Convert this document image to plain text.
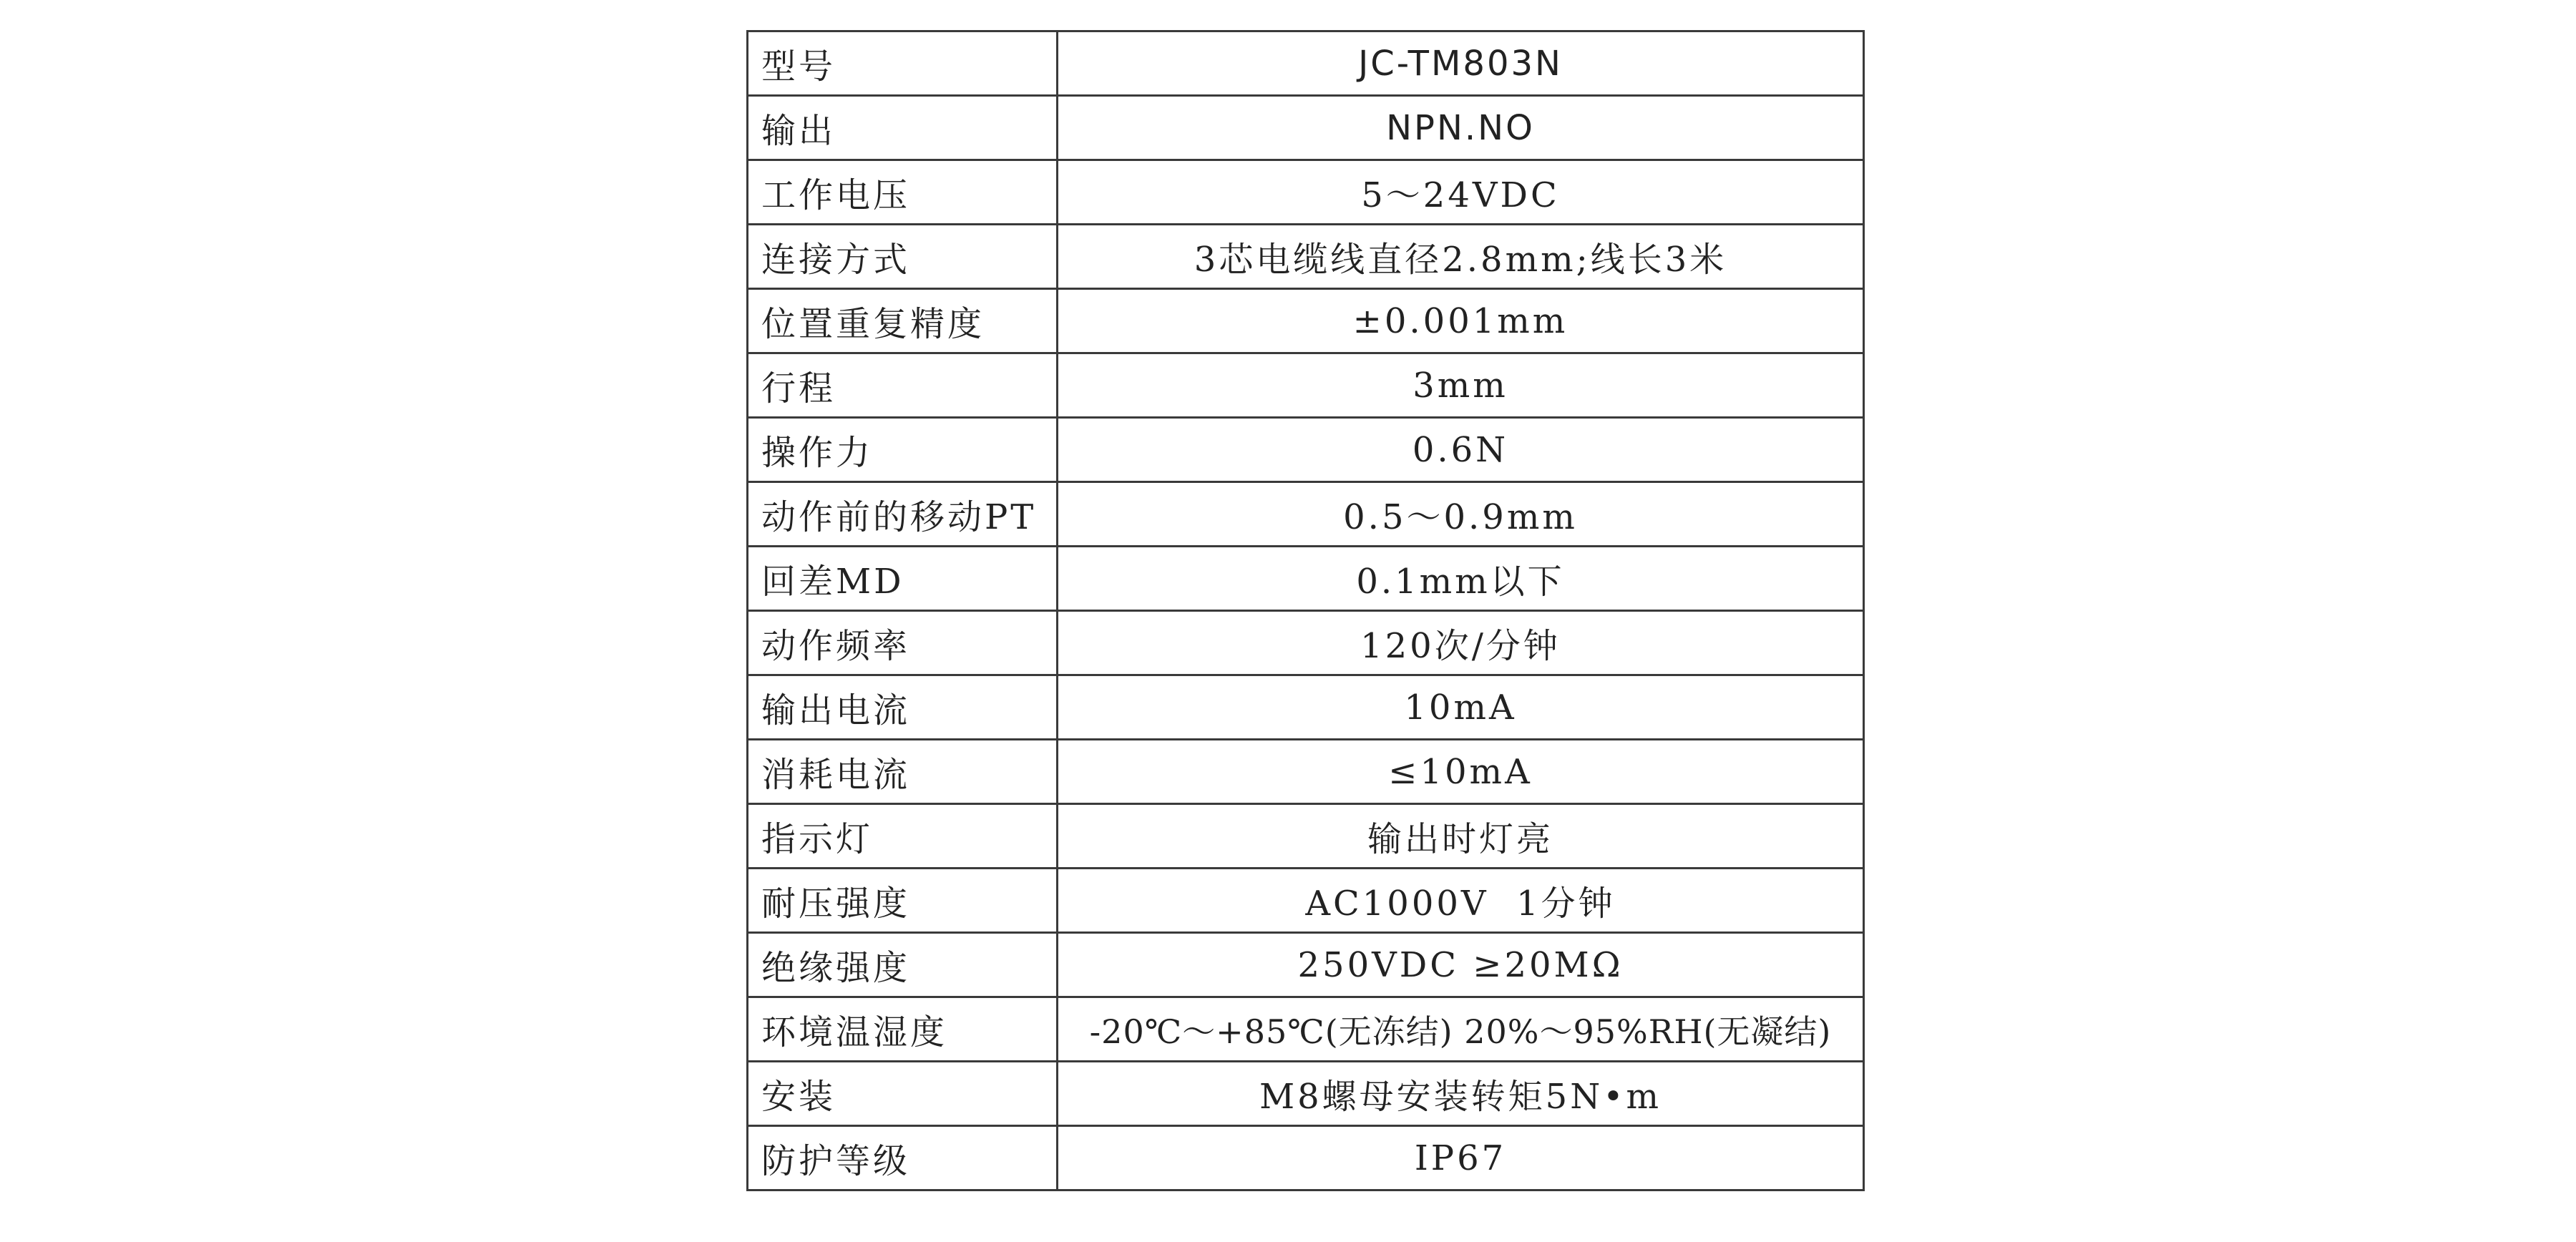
型号	JC-TM803N
输出	NPN.NO
工作电压	5～24VDC
连接方式	3芯电缆线直径2.8mm;线长3米
位置重复精度	±0.001mm
行程	3mm
操作力	0.6N
动作前的移动PT	0.5～0.9mm
回差MD	0.1mm以下
动作频率	120次/分钟
输出电流	10mA
消耗电流	≤10mA
指示灯	输出时灯亮
耐压强度	AC1000V  1分钟
绝缘强度	250VDC ≥20MΩ
环境温湿度	-20℃～+85℃(无冻结) 20%～95%RH(无凝结)
安装	M8螺母安装转矩5N•m
防护等级	IP67
